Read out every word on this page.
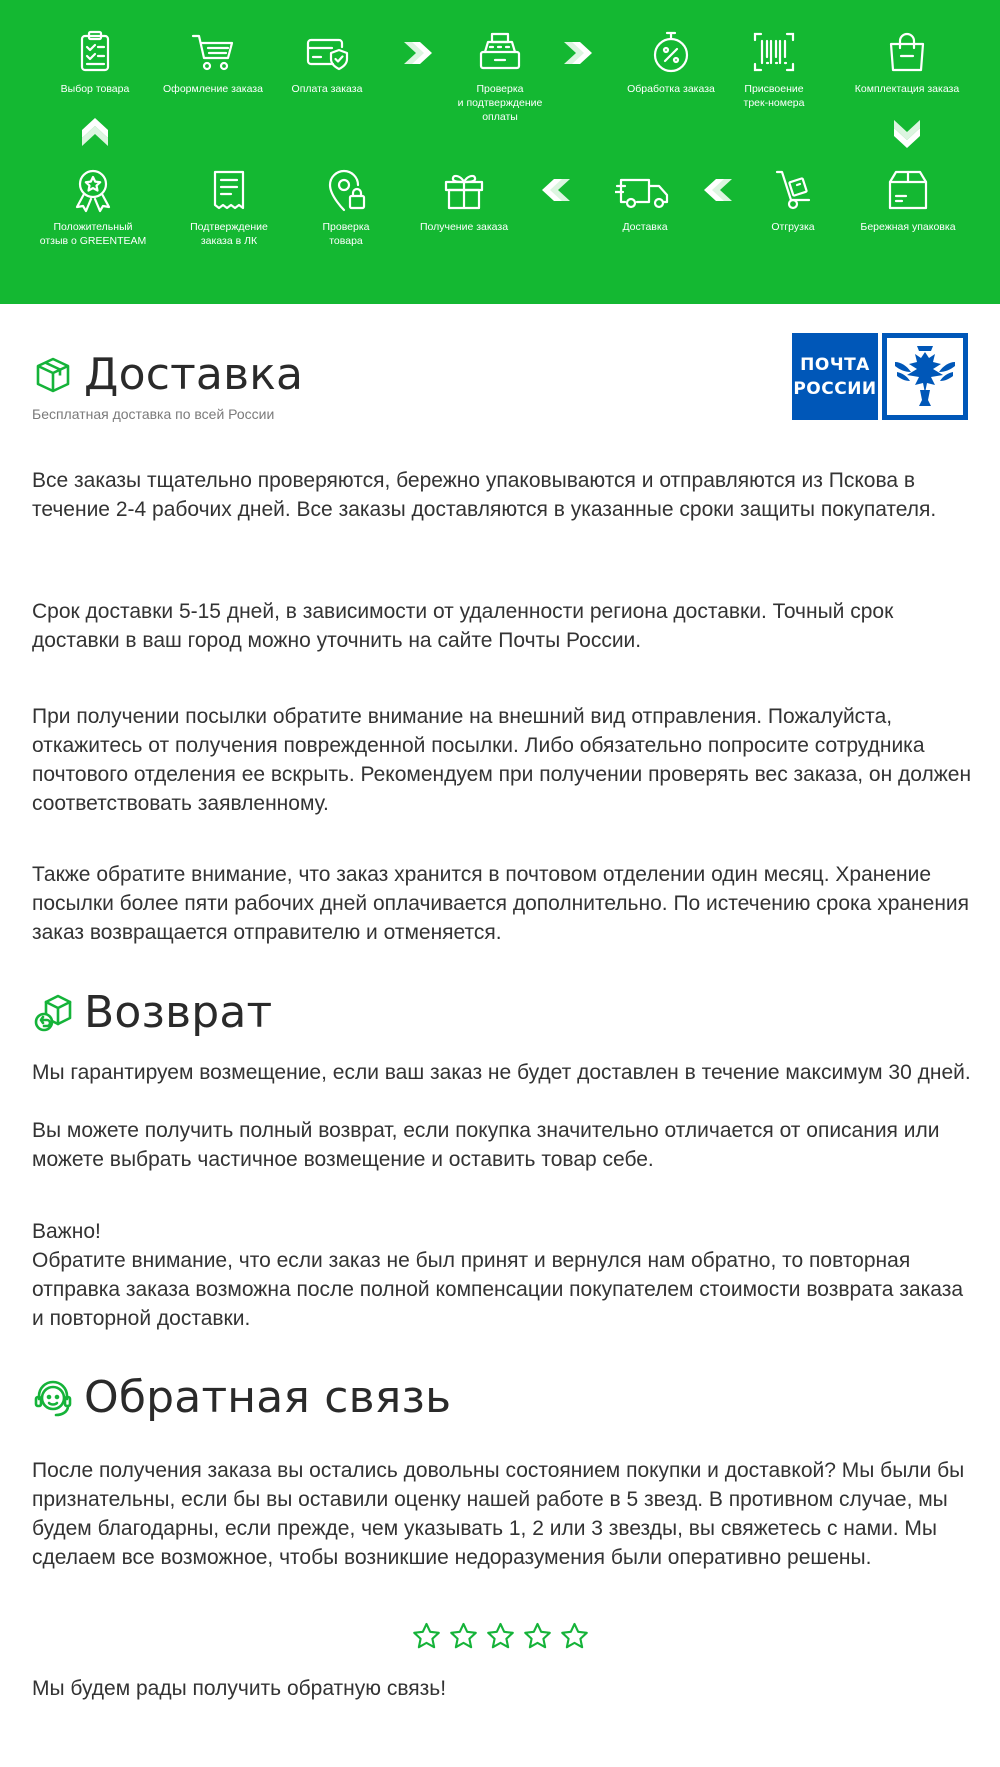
Выбор товара	Оформление заказа	Оплата заказа	Проверка
и подтверждение
оплаты
Обработка заказа	Присвоение
трек-номера
Комплектация заказа
Положительный
отзыв о GREENTEAM
Подтверждение
заказа в ЛК
Проверка
товара
Получение заказа	Доставка	Отгрузка	Бережная упаковка
Доставка
Бесплатная доставка по всей России
ПОЧТА
РОССИИ

Все заказы тщательно проверяются, бережно упаковываются и отправляются из Пскова в течение 2-4 рабочих дней. Все заказы доставляются в указанные сроки защиты покупателя.

Срок доставки 5-15 дней, в зависимости от удаленности региона доставки. Точный срок доставки в ваш город можно уточнить на сайте Почты России.

При получении посылки обратите внимание на внешний вид отправления. Пожалуйста, откажитесь от получения поврежденной посылки. Либо обязательно попросите сотрудника почтового отделения ее вскрыть. Рекомендуем при получении проверять вес заказа, он должен соответствовать заявленному.

Также обратите внимание, что заказ хранится в почтовом отделении один месяц. Хранение посылки более пяти рабочих дней оплачивается дополнительно. По истечению срока хранения заказ возвращается отправителю и отменяется.

Возврат

Мы гарантируем возмещение, если ваш заказ не будет доставлен в течение максимум 30 дней.

Вы можете получить полный возврат, если покупка значительно отличается от описания или можете выбрать частичное возмещение и оставить товар себе.

Важно!

Обратите внимание, что если заказ не был принят и вернулся нам обратно, то повторная отправка заказа возможна после полной компенсации покупателем стоимости возврата заказа и повторной доставки.

Обратная связь

После получения заказа вы остались довольны состоянием покупки и доставкой? Мы были бы признательны, если бы вы оставили оценку нашей работе в 5 звезд. В противном случае, мы будем благодарны, если прежде, чем указывать 1, 2 или 3 звезды, вы свяжетесь с нами. Мы сделаем все возможное, чтобы возникшие недоразумения были оперативно решены.

Мы будем рады получить обратную связь!
